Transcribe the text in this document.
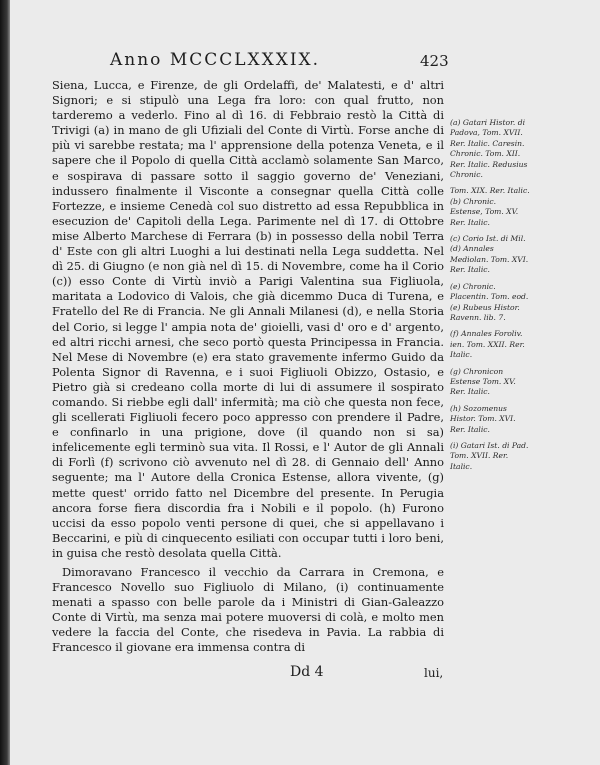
Anno MCCCLXXXIX.	423

Siena, Lucca, e Firenze, de gli Ordelaffi, de' Malatesti, e d' altri Signori; e si stipulò una Lega fra loro: con qual frutto, non tarderemo a vederlo. Fino al dì 16. di Febbraio restò la Città di Trivigi (a) in mano de gli Ufiziali del Conte di Virtù. Forse anche di più vi sarebbe restata; ma l' apprensione della potenza Veneta, e il sapere che il Popolo di quella Città acclamò solamente San Marco, e sospirava di passare sotto il saggio governo de' Veneziani, indussero finalmente il Visconte a consegnar quella Città colle Fortezze, e insieme Cenedà col suo distretto ad essa Repubblica in esecuzion de' Capitoli della Lega. Parimente nel dì 17. di Ottobre mise Alberto Marchese di Ferrara (b) in possesso della nobil Terra d' Este con gli altri Luoghi a lui destinati nella Lega suddetta. Nel dì 25. di Giugno (e non già nel dì 15. di Novembre, come ha il Corio (c)) esso Conte di Virtù inviò a Parigi Valentina sua Figliuola, maritata a Lodovico di Valois, che già dicemmo Duca di Turena, e Fratello del Re di Francia. Ne gli Annali Milanesi (d), e nella Storia del Corio, si legge l' ampia nota de' gioielli, vasi d' oro e d' argento, ed altri ricchi arnesi, che seco portò questa Principessa in Francia. Nel Mese di Novembre (e) era stato gravemente infermo Guido da Polenta Signor di Ravenna, e i suoi Figliuoli Obizzo, Ostasio, e Pietro già si credeano colla morte di lui di assumere il sospirato comando. Si riebbe egli dall' infermità; ma ciò che questa non fece, gli scellerati Figliuoli fecero poco appresso con prendere il Padre, e confinarlo in una prigione, dove (il quando non si sa) infelicemente egli terminò sua vita. Il Rossi, e l' Autor de gli Annali di Forlì (f) scrivono ciò avvenuto nel dì 28. di Gennaio dell' Anno seguente; ma l' Autore della Cronica Estense, allora vivente, (g) mette quest' orrido fatto nel Dicembre del presente. In Perugia ancora forse fiera discordia fra i Nobili e il popolo. (h) Furono uccisi da esso popolo venti persone di quei, che si appellavano i Beccarini, e più di cinquecento esiliati con occupar tutti i loro beni, in guisa che restò desolata quella Città.

Dimoravano Francesco il vecchio da Carrara in Cremona, e Francesco Novello suo Figliuolo di Milano, (i) continuamente menati a spasso con belle parole da i Ministri di Gian-Galeazzo Conte di Virtù, ma senza mai potere muoversi di colà, e molto men vedere la faccia del Conte, che risedeva in Pavia. La rabbia di Francesco il giovane era immensa contra di

(a) Gatari Histor. di Padova, Tom. XVII. Rer. Italic. Caresin. Chronic. Tom. XII. Rer. Italic. Redusius Chronic.
Tom. XIX. Rer. Italic. (b) Chronic. Estense, Tom. XV. Rer. Italic.
(c) Corio Ist. di Mil. (d) Annales Mediolan. Tom. XVI. Rer. Italic.
(e) Chronic. Placentin. Tom. eod. (e) Rubeus Histor. Ravenn. lib. 7.
(f) Annales Foroliv. ien. Tom. XXII. Rer. Italic.
(g) Chronicon Estense Tom. XV. Rer. Italic.
(h) Sozomenus Histor. Tom. XVI. Rer. Italic.
(i) Gatari Ist. di Pad. Tom. XVII. Rer. Italic.
Dd 4	lui,
